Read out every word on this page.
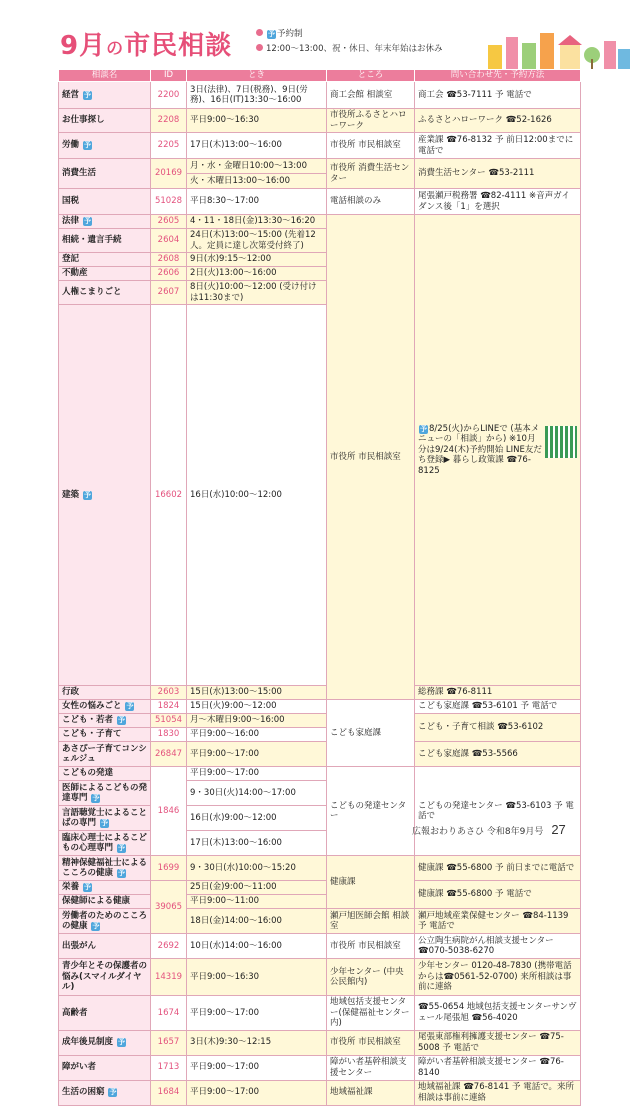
9月の市民相談	予 予約制
12:00～13:00、祝・休日、年末年始はお休み
相談名	ID	とき	ところ	問い合わせ先・予約方法	
経営 予	2200	3日(法律)、7日(税務)、9日(労務)、16日(IT)13:30～16:00	商工会館 相談室	商工会 ☎53-7111 予 電話で	
お仕事探し	2208	平日9:00～16:30	市役所ふるさとハローワーク	ふるさとハローワーク ☎52-1626	
労働 予	2205	17日(木)13:00～16:00	市役所 市民相談室	産業課 ☎76-8132 予 前日12:00までに電話で	
消費生活	20169	月・水・金曜日10:00～13:00	市役所 消費生活センター	消費生活センター ☎53-2111	
		火・木曜日13:00～16:00			
国税	51028	平日8:30～17:00	電話相談のみ	尾張瀬戸税務署 ☎82-4111 ※音声ガイダンス後「1」を選択	
法律 予	2605	4・11・18日(金)13:30～16:20	市役所 市民相談室	予 8/25(火)からLINEで (基本メニューの「相談」から) ※10月分は9/24(木)予約開始 LINE友だち登録▶ 暮らし政策課 ☎76-8125	
相続・遺言手続	2604	24日(木)13:00～15:00 (先着12人。定員に達し次第受付終了)			
登記	2608	9日(水)9:15～12:00			
不動産	2606	2日(火)13:00～16:00			
人権こまりごと	2607	8日(火)10:00～12:00 (受け付けは11:30まで)			
建築 予	16602	16日(水)10:00～12:00	
行政	2603	15日(水)13:00～15:00		総務課 ☎76-8111	
女性の悩みごと 予	1824	15日(火)9:00～12:00	こども家庭課	こども家庭課 ☎53-6101 予 電話で	
こども・若者 予	51054	月～木曜日9:00～16:00		こども・子育て相談 ☎53-6102	
こども・子育て	1830	平日9:00～16:00			
あさぴー子育てコンシェルジュ	26847	平日9:00～17:00		こども家庭課 ☎53-5566	
こどもの発達	1846	平日9:00～17:00	こどもの発達センター	こどもの発達センター ☎53-6103 予 電話で	
医師によるこどもの発達専門 予		9・30日(火)14:00～17:00			
言語聴覚士によることばの専門 予		16日(水)9:00～12:00			
臨床心理士によるこどもの心理専門 予		17日(木)13:00～16:00			
精神保健福祉士によるこころの健康 予	1699	9・30日(水)10:00～15:20	健康課	健康課 ☎55-6800 予 前日までに電話で	
栄養 予	39065	25日(金)9:00～11:00		健康課 ☎55-6800 予 電話で	
保健師による健康		平日9:00～11:00			
労働者のためのこころの健康 予		18日(金)14:00～16:00	瀬戸旭医師会館 相談室	瀬戸地域産業保健センター ☎84-1139 予 電話で	
出張がん	2692	10日(水)14:00～16:00	市役所 市民相談室	公立陶生病院がん相談支援センター ☎070-5038-6270	
青少年とその保護者の悩み(スマイルダイヤル)	14319	平日9:00～16:30	少年センター (中央公民館内)	少年センター 0120-48-7830 (携帯電話からは☎0561-52-0700) 来所相談は事前に連絡	
高齢者	1674	平日9:00～17:00	地域包括支援センター(保健福祉センター内)	☎55-0654 地域包括支援センターサンヴェール尾張旭 ☎56-4020	
成年後見制度 予	1657	3日(木)9:30～12:15	市役所 市民相談室	尾張東部権利擁護支援センター ☎75-5008 予 電話で	
障がい者	1713	平日9:00～17:00	障がい者基幹相談支援センター	障がい者基幹相談支援センター ☎76-8140	
生活の困窮 予	1684	平日9:00～17:00	地域福祉課	地域福祉課 ☎76-8141 予 電話で。来所相談は事前に連絡	
広報おわりあさひ 令和8年9月号 27
